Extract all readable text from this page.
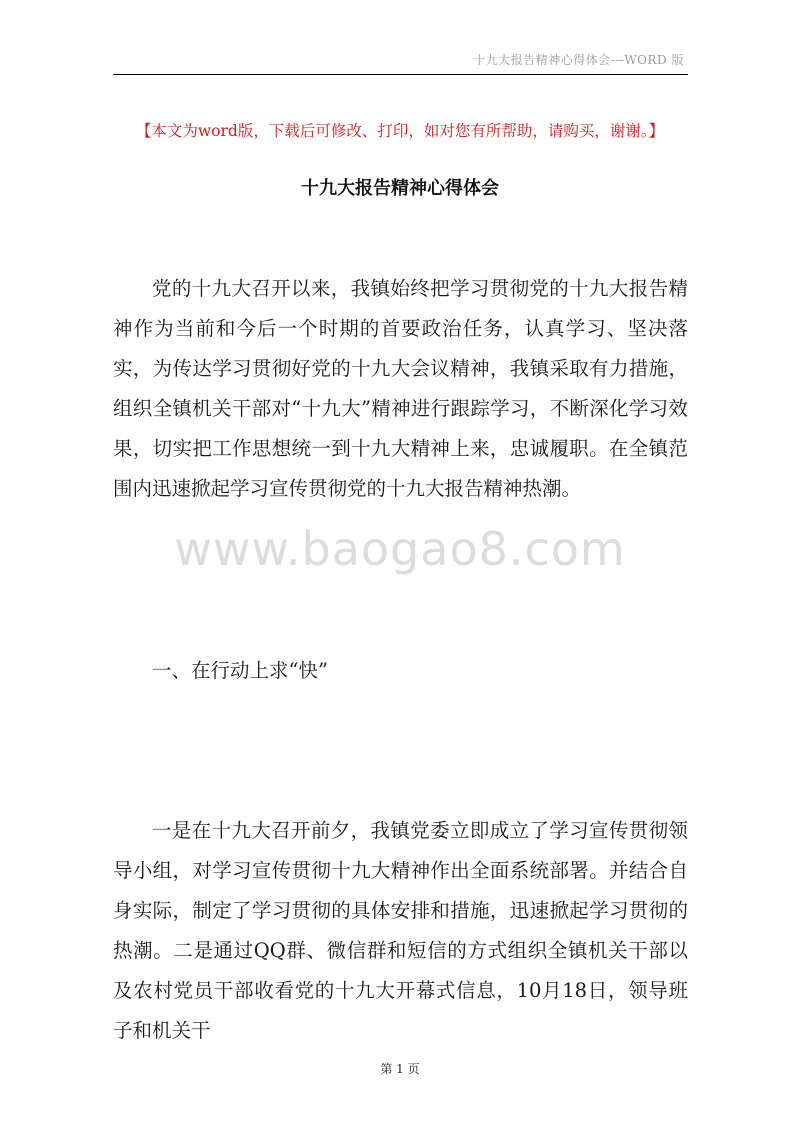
十九大报告精神心得体会---WORD 版
【本文为word版，下载后可修改、打印，如对您有所帮助，请购买，谢谢。】
十九大报告精神心得体会

党的十九大召开以来，我镇始终把学习贯彻党的十九大报告精神作为当前和今后一个时期的首要政治任务，认真学习、坚决落实，为传达学习贯彻好党的十九大会议精神，我镇采取有力措施，组织全镇机关干部对“十九大”精神进行跟踪学习，不断深化学习效果，切实把工作思想统一到十九大精神上来，忠诚履职。在全镇范围内迅速掀起学习宣传贯彻党的十九大报告精神热潮。

www.baogao8.com

一、在行动上求“快”

一是在十九大召开前夕，我镇党委立即成立了学习宣传贯彻领导小组，对学习宣传贯彻十九大精神作出全面系统部署。并结合自身实际，制定了学习贯彻的具体安排和措施，迅速掀起学习贯彻的热潮。二是通过QQ群、微信群和短信的方式组织全镇机关干部以及农村党员干部收看党的十九大开幕式信息，10月18日，领导班子和机关干

第 1 页
